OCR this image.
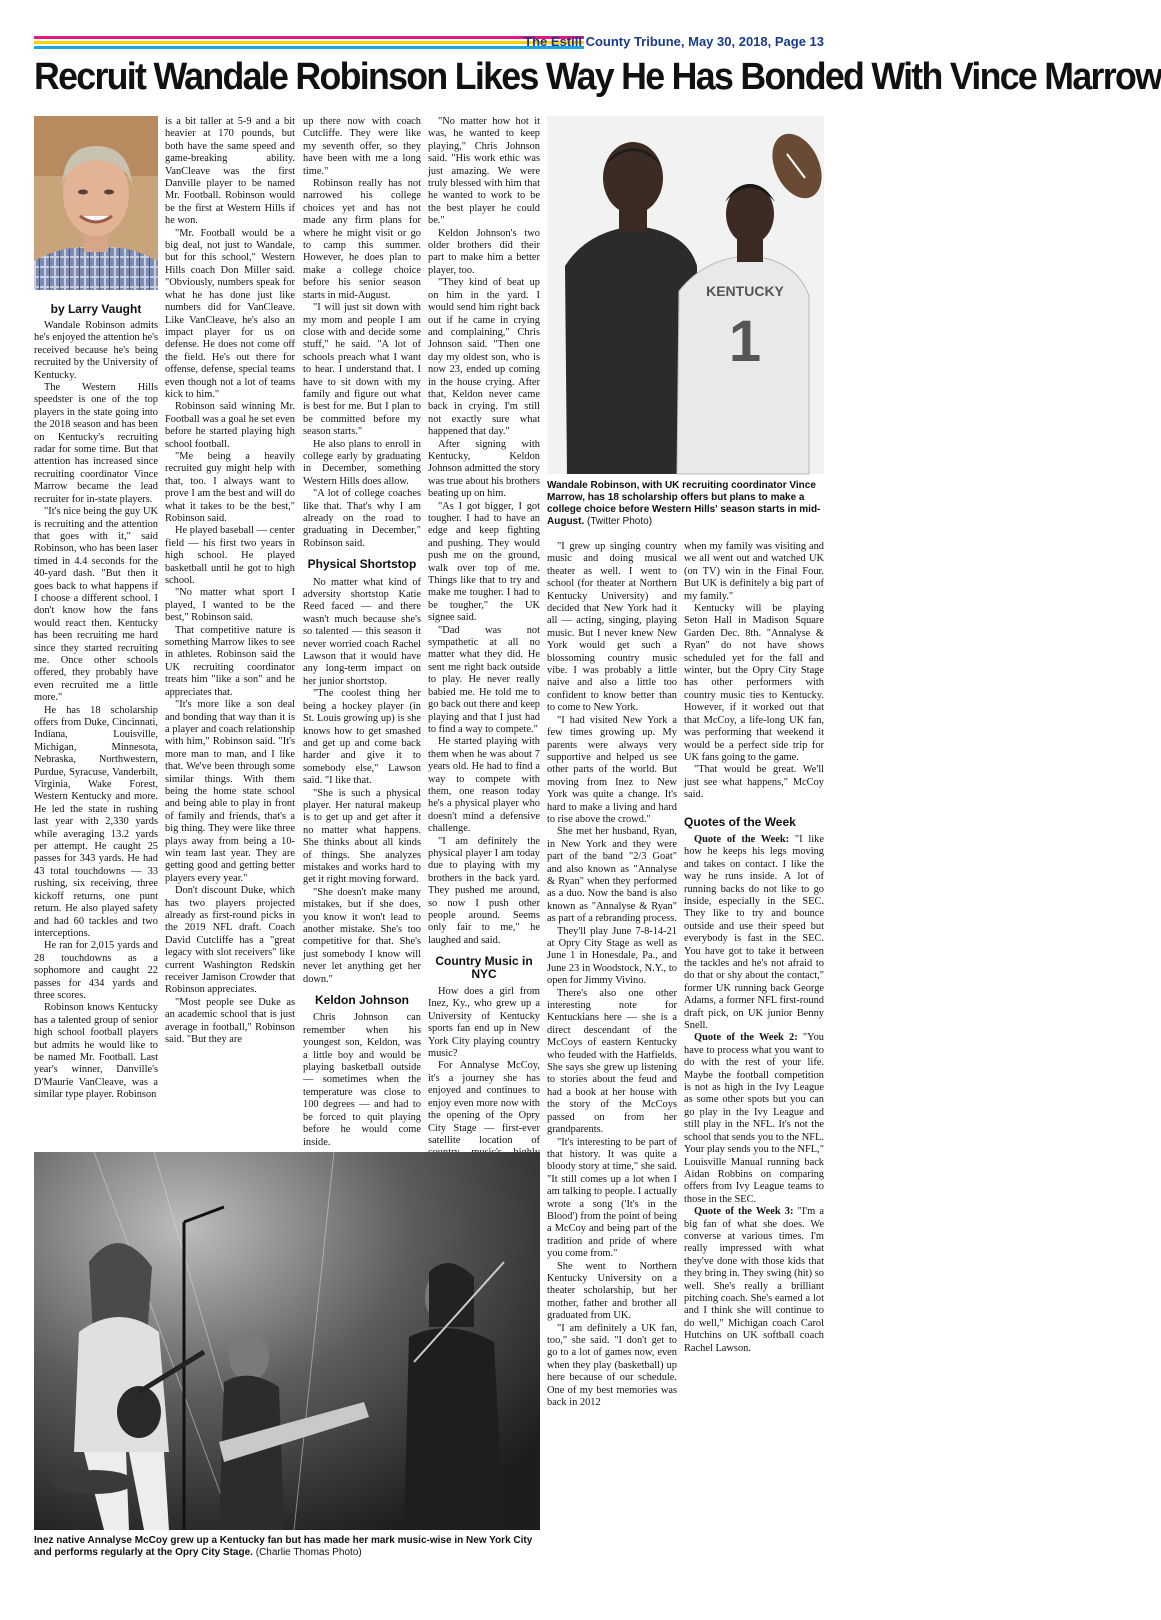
The Estill County Tribune, May 30, 2018, Page 13
Recruit Wandale Robinson Likes Way He Has Bonded With Vince Marrow
by Larry Vaught

Wandale Robinson admits he's enjoyed the attention he's received because he's being recruited by the University of Kentucky.

The Western Hills speedster is one of the top players in the state going into the 2018 season and has been on Kentucky's recruiting radar for some time. But that attention has increased since recruiting coordinator Vince Marrow became the lead recruiter for in-state players.

"It's nice being the guy UK is recruiting and the attention that goes with it," said Robinson, who has been laser timed in 4.4 seconds for the 40-yard dash. "But then it goes back to what happens if I choose a different school. I don't know how the fans would react then. Kentucky has been recruiting me hard since they started recruiting me. Once other schools offered, they probably have even recruited me a little more."

He has 18 scholarship offers from Duke, Cincinnati, Indiana, Louisville, Michigan, Minnesota, Nebraska, Northwestern, Purdue, Syracuse, Vanderbilt, Virginia, Wake Forest, Western Kentucky and more. He led the state in rushing last year with 2,330 yards while averaging 13.2 yards per attempt. He caught 25 passes for 343 yards. He had 43 total touchdowns — 33 rushing, six receiving, three kickoff returns, one punt return. He also played safety and had 60 tackles and two interceptions.

He ran for 2,015 yards and 28 touchdowns as a sophomore and caught 22 passes for 434 yards and three scores.

Robinson knows Kentucky has a talented group of senior high school football players but admits he would like to be named Mr. Football. Last year's winner, Danville's D'Maurie VanCleave, was a similar type player. Robinson

is a bit taller at 5-9 and a bit heavier at 170 pounds, but both have the same speed and game-breaking ability. VanCleave was the first Danville player to be named Mr. Football. Robinson would be the first at Western Hills if he won.

"Mr. Football would be a big deal, not just to Wandale, but for this school," Western Hills coach Don Miller said. "Obviously, numbers speak for what he has done just like numbers did for VanCleave. Like VanCleave, he's also an impact player for us on defense. He does not come off the field. He's out there for offense, defense, special teams even though not a lot of teams kick to him."

Robinson said winning Mr. Football was a goal he set even before he started playing high school football.

"Me being a heavily recruited guy might help with that, too. I always want to prove I am the best and will do what it takes to be the best," Robinson said.

He played baseball — center field — his first two years in high school. He played basketball until he got to high school.

"No matter what sport I played, I wanted to be the best," Robinson said.

That competitive nature is something Marrow likes to see in athletes. Robinson said the UK recruiting coordinator treats him "like a son" and he appreciates that.

"It's more like a son deal and bonding that way than it is a player and coach relationship with him," Robinson said. "It's more man to man, and I like that. We've been through some similar things. With them being the home state school and being able to play in front of family and friends, that's a big thing. They were like three plays away from being a 10-win team last year. They are getting good and getting better players every year."

Don't discount Duke, which has two players projected already as first-round picks in the 2019 NFL draft. Coach David Cutcliffe has a "great legacy with slot receivers" like current Washington Redskin receiver Jamison Crowder that Robinson appreciates.

"Most people see Duke as an academic school that is just average in football," Robinson said. "But they are

up there now with coach Cutcliffe. They were like my seventh offer, so they have been with me a long time."

Robinson really has not narrowed his college choices yet and has not made any firm plans for where he might visit or go to camp this summer. However, he does plan to make a college choice before his senior season starts in mid-August.

"I will just sit down with my mom and people I am close with and decide some stuff," he said. "A lot of schools preach what I want to hear. I understand that. I have to sit down with my family and figure out what is best for me. But I plan to be committed before my season starts."

He also plans to enroll in college early by graduating in December, something Western Hills does allow.

"A lot of college coaches like that. That's why I am already on the road to graduating in December," Robinson said.

Physical Shortstop

No matter what kind of adversity shortstop Katie Reed faced — and there wasn't much because she's so talented — this season it never worried coach Rachel Lawson that it would have any long-term impact on her junior shortstop.

"The coolest thing her being a hockey player (in St. Louis growing up) is she knows how to get smashed and get up and come back harder and give it to somebody else," Lawson said. "I like that.

"She is such a physical player. Her natural makeup is to get up and get after it no matter what happens. She thinks about all kinds of things. She analyzes mistakes and works hard to get it right moving forward.

"She doesn't make many mistakes, but if she does, you know it won't lead to another mistake. She's too competitive for that. She's just somebody I know will never let anything get her down."

Keldon Johnson

Chris Johnson can remember when his youngest son, Keldon, was a little boy and would be playing basketball outside — sometimes when the temperature was close to 100 degrees — and had to be forced to quit playing before he would come inside.

"No matter how hot it was, he wanted to keep playing," Chris Johnson said. "His work ethic was just amazing. We were truly blessed with him that he wanted to work to be the best player he could be."

Keldon Johnson's two older brothers did their part to make him a better player, too.

"They kind of beat up on him in the yard. I would send him right back out if he came in crying and complaining," Chris Johnson said. "Then one day my oldest son, who is now 23, ended up coming in the house crying. After that, Keldon never came back in crying. I'm still not exactly sure what happened that day."

After signing with Kentucky, Keldon Johnson admitted the story was true about his brothers beating up on him.

"As I got bigger, I got tougher. I had to have an edge and keep fighting and pushing. They would push me on the ground, walk over top of me. Things like that to try and make me tougher. I had to be tougher," the UK signee said.

"Dad was not sympathetic at all no matter what they did. He sent me right back outside to play. He never really babied me. He told me to go back out there and keep playing and that I just had to find a way to compete."

He started playing with them when he was about 7 years old. He had to find a way to compete with them, one reason today he's a physical player who doesn't mind a defensive challenge.

"I am definitely the physical player I am today due to playing with my brothers in the back yard. They pushed me around, so now I push other people around. Seems only fair to me," he laughed and said.

Country Music in NYC

How does a girl from Inez, Ky., who grew up a University of Kentucky sports fan end up in New York City playing country music?

For Annalyse McCoy, it's a journey she has enjoyed and continues to enjoy even more now with the opening of the Opry City Stage — first-ever satellite location of

KENTUCKY
1
Wandale Robinson, with UK recruiting coordinator Vince Marrow, has 18 scholarship offers but plans to make a college choice before Western Hills' season starts in mid-August. (Twitter Photo)

"I grew up singing country music and doing musical theater as well. I went to school (for theater at Northern Kentucky University) and decided that New York had it all — acting, singing, playing music. But I never knew New York would get such a blossoming country music vibe. I was probably a little naive and also a little too confident to know better than to come to New York.

"I had visited New York a few times growing up. My parents were always very supportive and helped us see other parts of the world. But moving from Inez to New York was quite a change. It's hard to make a living and hard to rise above the crowd."

She met her husband, Ryan, in New York and they were part of the band "2/3 Goat" and also known as "Annalyse & Ryan" when they performed as a duo. Now the band is also known as "Annalyse & Ryan" as part of a rebranding process.

They'll play June 7-8-14-21 at Opry City Stage as well as June 1 in Honesdale, Pa., and June 23 in Woodstock, N.Y., to open for Jimmy Vivino.

There's also one other interesting note for Kentuckians here — she is a direct descendant of the McCoys of eastern Kentucky who feuded with the Hatfields. She says she grew up listening to stories about the feud and had a book at her house with the story of the McCoys passed on from her grandparents.

"It's interesting to be part of that history. It was quite a bloody story at time," she said. "It still comes up a lot when I am talking to people. I actually wrote a song ('It's in the Blood') from the point of being a McCoy and being part of the tradition and pride of where you come from."

She went to Northern Kentucky University on a theater scholarship, but her mother, father and brother all graduated from UK.

"I am definitely a UK fan, too," she said. "I don't get to go to a lot of games now, even when they play (basketball) up here because of our schedule. One of my best memories was back in 2012

when my family was visiting and we all went out and watched UK (on TV) win in the Final Four. But UK is definitely a big part of my family."

Kentucky will be playing Seton Hall in Madison Square Garden Dec. 8th. "Annalyse & Ryan" do not have shows scheduled yet for the fall and winter, but the Opry City Stage has other performers with country music ties to Kentucky. However, if it worked out that that McCoy, a life-long UK fan, was performing that weekend it would be a perfect side trip for UK fans going to the game.

"That would be great. We'll just see what happens," McCoy said.

Quotes of the Week

Quote of the Week: "I like how he keeps his legs moving and takes on contact. I like the way he runs inside. A lot of running backs do not like to go inside, especially in the SEC. They like to try and bounce outside and use their speed but everybody is fast in the SEC. You have got to take it between the tackles and he's not afraid to do that or shy about the contact," former UK running back George Adams, a former NFL first-round draft pick, on UK junior Benny Snell.

Quote of the Week 2: "You have to process what you want to do with the rest of your life. Maybe the football competition is not as high in the Ivy League as some other spots but you can go play in the Ivy League and still play in the NFL. It's not the school that sends you to the NFL. Your play sends you to the NFL," Louisville Manual running back Aidan Robbins on comparing offers from Ivy League teams to those in the SEC.

Quote of the Week 3: "I'm a big fan of what she does. We converse at various times. I'm really impressed with what they've done with those kids that they bring in. They swing (hit) so well. She's really a brilliant pitching coach. She's earned a lot and I think she will continue to do well," Michigan coach Carol Hutchins on UK softball coach Rachel Lawson.

Inez native Annalyse McCoy grew up a Kentucky fan but has made her mark music-wise in New York City and performs regularly at the Opry City Stage. (Charlie Thomas Photo)
